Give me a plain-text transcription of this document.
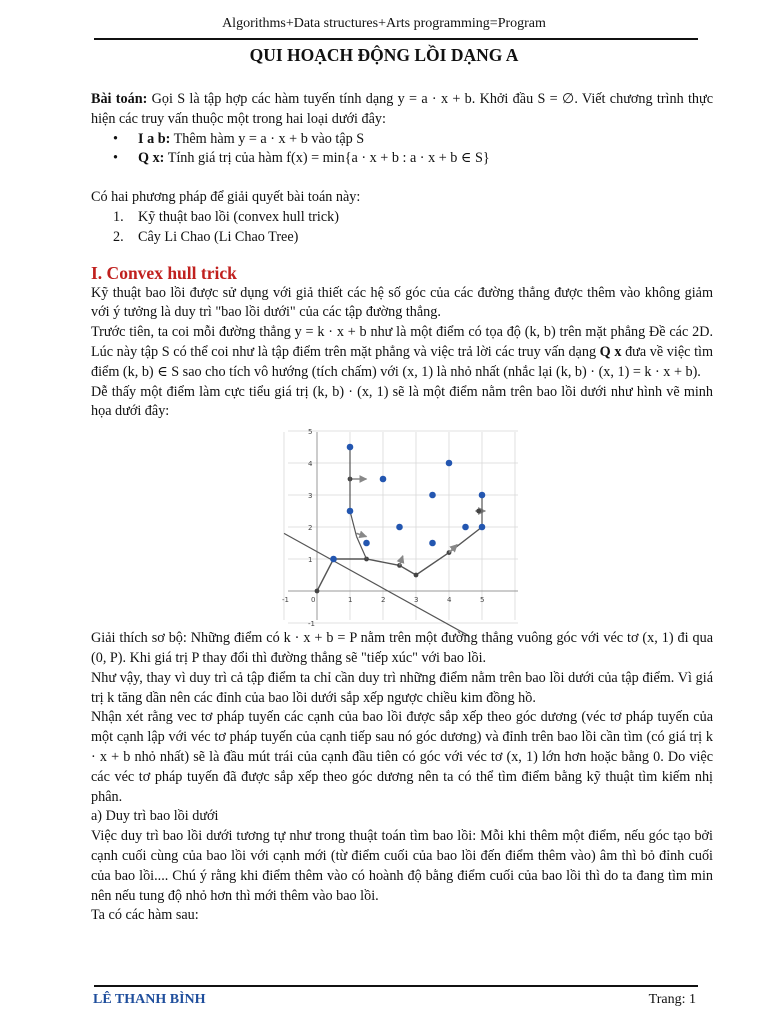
Algorithms+Data structures+Arts programming=Program
QUI HOẠCH ĐỘNG LỒI DẠNG A

Bài toán: Gọi S là tập hợp các hàm tuyến tính dạng y = a · x + b. Khởi đầu S = ∅. Viết chương trình thực hiện các truy vấn thuộc một trong hai loại dưới đây:

• I a b: Thêm hàm y = a · x + b vào tập S
• Q x: Tính giá trị của hàm f(x) = min{a · x + b : a · x + b ∈ S}

Có hai phương pháp để giải quyết bài toán này:

1. Kỹ thuật bao lồi (convex hull trick)
2. Cây Li Chao (Li Chao Tree)
I. Convex hull trick

Kỹ thuật bao lồi được sử dụng với giả thiết các hệ số góc của các đường thẳng được thêm vào không giảm với ý tưởng là duy trì "bao lồi dưới" của các tập đường thẳng.

Trước tiên, ta coi mỗi đường thẳng y = k · x + b như là một điểm có tọa độ (k, b) trên mặt phẳng Đề các 2D. Lúc này tập S có thể coi như là tập điểm trên mặt phẳng và việc trả lời các truy vấn dạng Q x đưa về việc tìm điểm (k, b) ∈ S sao cho tích vô hướng (tích chấm) với (x, 1) là nhỏ nhất (nhắc lại (k, b) · (x, 1) = k · x + b).

Dễ thấy một điểm làm cực tiểu giá trị (k, b) · (x, 1) sẽ là một điểm nằm trên bao lồi dưới như hình vẽ minh họa dưới đây:

-1	0	1	2	3	4	5
5
4
3
2
1
-1

Giải thích sơ bộ: Những điểm có k · x + b = P nằm trên một đường thẳng vuông góc với véc tơ (x, 1) đi qua (0, P). Khi giá trị P thay đổi thì đường thẳng sẽ "tiếp xúc" với bao lồi.

Như vậy, thay vì duy trì cả tập điểm ta chỉ cần duy trì những điểm nằm trên bao lồi dưới của tập điểm. Vì giá trị k tăng dần nên các đỉnh của bao lồi dưới sắp xếp ngược chiều kim đồng hồ.

Nhận xét rằng vec tơ pháp tuyến các cạnh của bao lồi được sắp xếp theo góc dương (véc tơ pháp tuyến của một cạnh lập với véc tơ pháp tuyến của cạnh tiếp sau nó góc dương) và đỉnh trên bao lồi cần tìm (có giá trị k · x + b nhỏ nhất) sẽ là đầu mút trái của cạnh đầu tiên có góc với véc tơ (x, 1) lớn hơn hoặc bằng 0. Do việc các véc tơ pháp tuyến đã được sắp xếp theo góc dương nên ta có thể tìm điểm bằng kỹ thuật tìm kiếm nhị phân.

a) Duy trì bao lồi dưới

Việc duy trì bao lồi dưới tương tự như trong thuật toán tìm bao lồi: Mỗi khi thêm một điểm, nếu góc tạo bởi cạnh cuối cùng của bao lồi với cạnh mới (từ điểm cuối của bao lồi đến điểm thêm vào) âm thì bỏ đỉnh cuối của bao lồi.... Chú ý rằng khi điểm thêm vào có hoành độ bằng điểm cuối của bao lồi thì do ta đang tìm min nên nếu tung độ nhỏ hơn thì mới thêm vào bao lồi.

Ta có các hàm sau:

LÊ THANH BÌNH	Trang: 1
